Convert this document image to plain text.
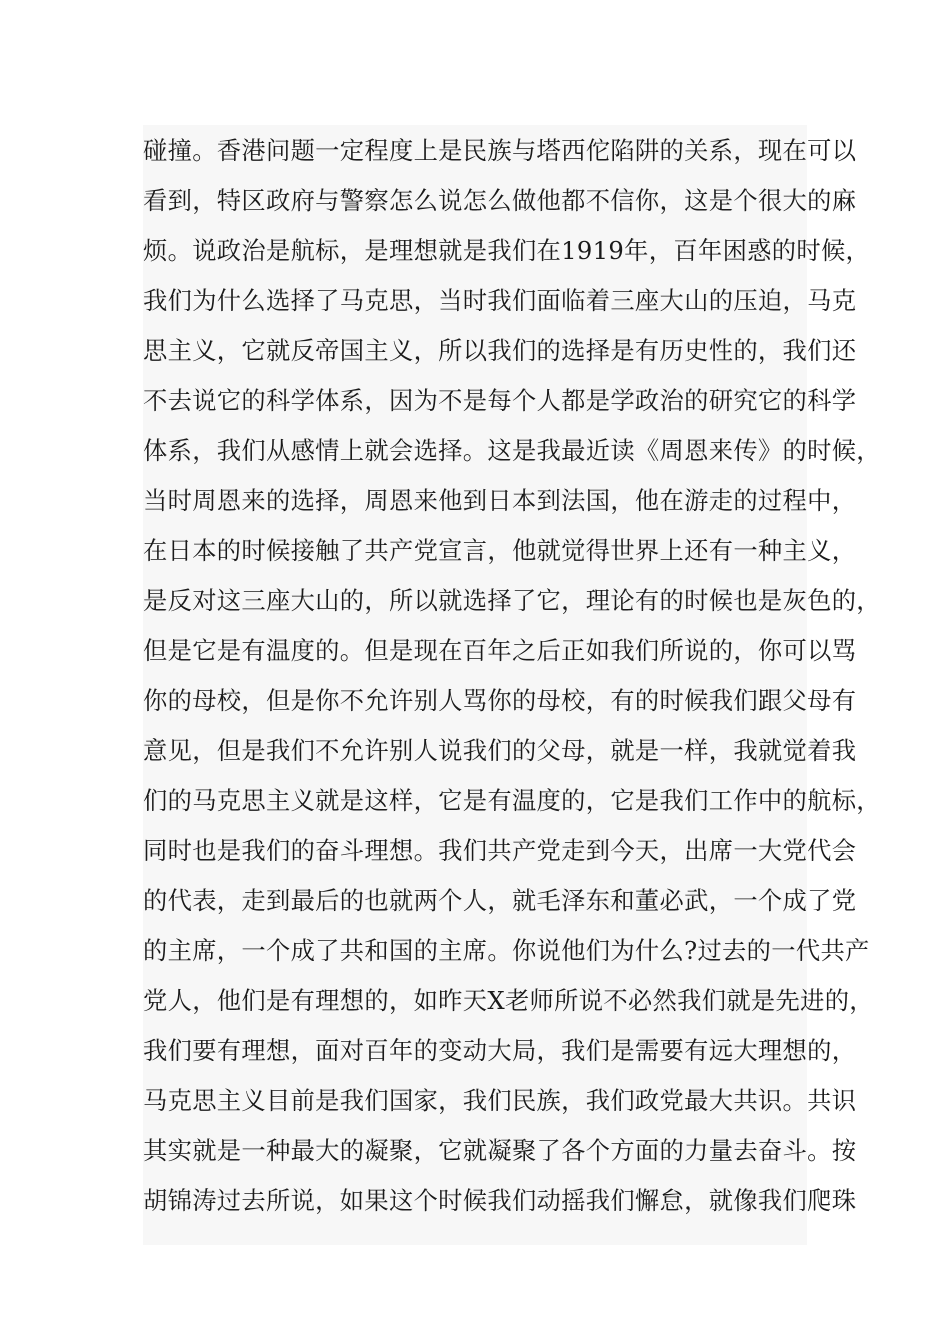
碰撞。香港问题一定程度上是民族与塔西佗陷阱的关系，现在可以
看到，特区政府与警察怎么说怎么做他都不信你，这是个很大的麻
烦。说政治是航标，是理想就是我们在1919年，百年困惑的时候，
我们为什么选择了马克思，当时我们面临着三座大山的压迫，马克
思主义，它就反帝国主义，所以我们的选择是有历史性的，我们还
不去说它的科学体系，因为不是每个人都是学政治的研究它的科学
体系，我们从感情上就会选择。这是我最近读《周恩来传》的时候，
当时周恩来的选择，周恩来他到日本到法国，他在游走的过程中，
在日本的时候接触了共产党宣言，他就觉得世界上还有一种主义，
是反对这三座大山的，所以就选择了它，理论有的时候也是灰色的，
但是它是有温度的。但是现在百年之后正如我们所说的，你可以骂
你的母校，但是你不允许别人骂你的母校，有的时候我们跟父母有
意见，但是我们不允许别人说我们的父母，就是一样，我就觉着我
们的马克思主义就是这样，它是有温度的，它是我们工作中的航标，
同时也是我们的奋斗理想。我们共产党走到今天，出席一大党代会
的代表，走到最后的也就两个人，就毛泽东和董必武，一个成了党
的主席，一个成了共和国的主席。你说他们为什么?过去的一代共产
党人，他们是有理想的，如昨天X老师所说不必然我们就是先进的，
我们要有理想，面对百年的变动大局，我们是需要有远大理想的，
马克思主义目前是我们国家，我们民族，我们政党最大共识。共识
其实就是一种最大的凝聚，它就凝聚了各个方面的力量去奋斗。按
胡锦涛过去所说，如果这个时候我们动摇我们懈怠，就像我们爬珠
